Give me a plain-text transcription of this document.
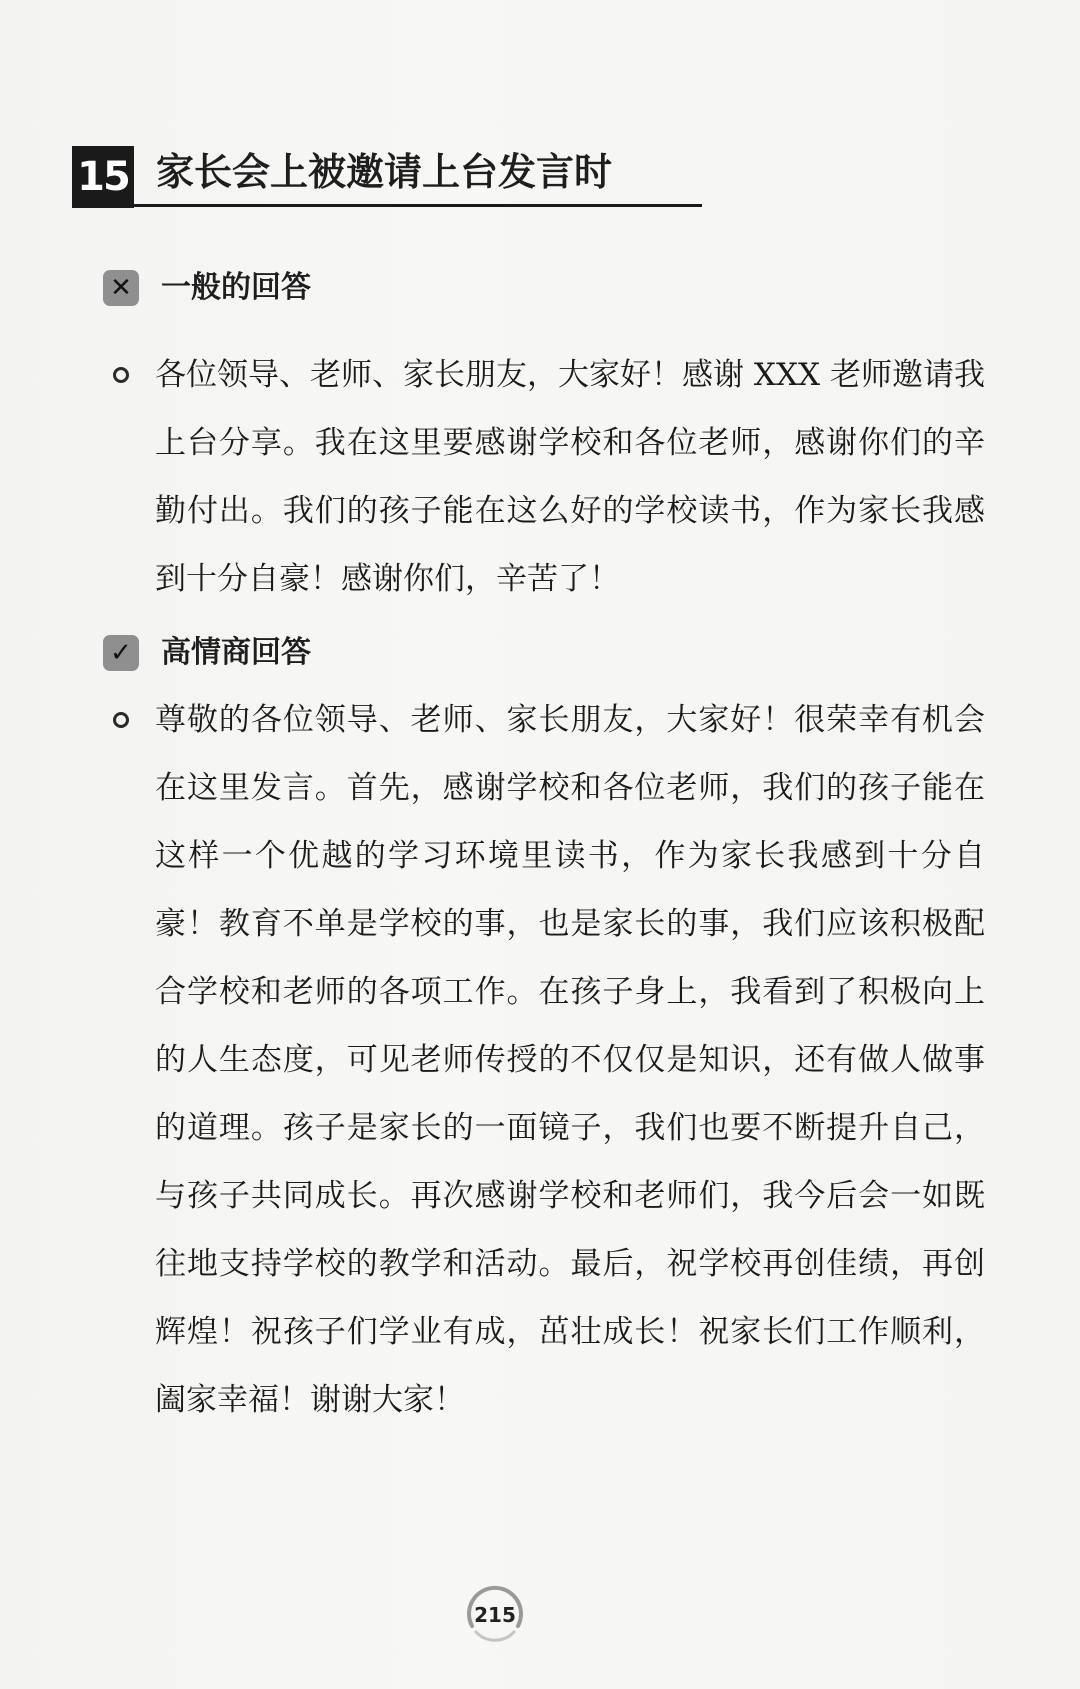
15 家长会上被邀请上台发言时
✕ 一般的回答
各位领导、老师、家长朋友，大家好！感谢 XXX 老师邀请我上台分享。我在这里要感谢学校和各位老师，感谢你们的辛勤付出。我们的孩子能在这么好的学校读书，作为家长我感到十分自豪！感谢你们，辛苦了！
✓ 高情商回答
尊敬的各位领导、老师、家长朋友，大家好！很荣幸有机会在这里发言。首先，感谢学校和各位老师，我们的孩子能在这样一个优越的学习环境里读书，作为家长我感到十分自豪！教育不单是学校的事，也是家长的事，我们应该积极配合学校和老师的各项工作。在孩子身上，我看到了积极向上的人生态度，可见老师传授的不仅仅是知识，还有做人做事的道理。孩子是家长的一面镜子，我们也要不断提升自己，与孩子共同成长。再次感谢学校和老师们，我今后会一如既往地支持学校的教学和活动。最后，祝学校再创佳绩，再创辉煌！祝孩子们学业有成，茁壮成长！祝家长们工作顺利，阖家幸福！谢谢大家！
215
